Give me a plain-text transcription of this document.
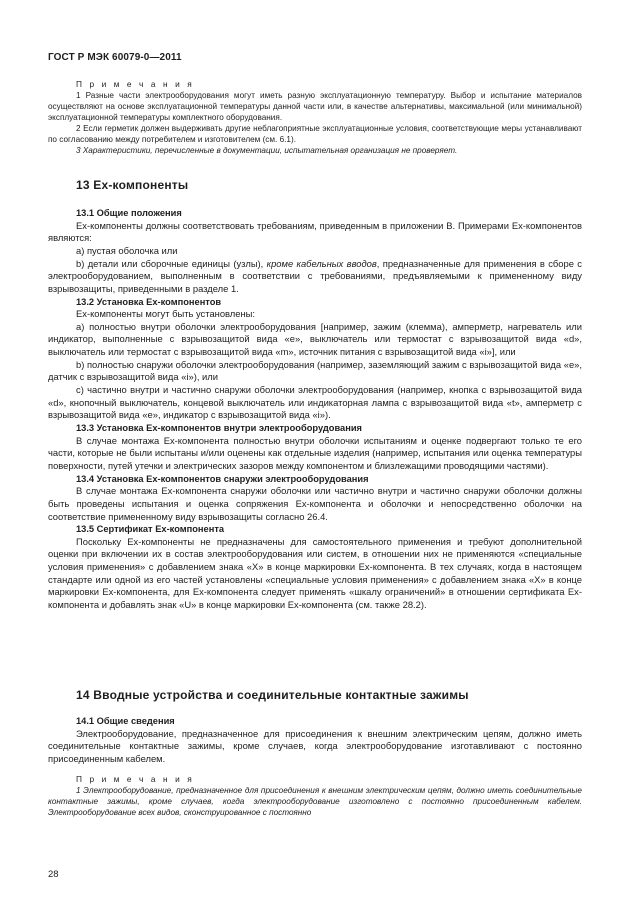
ГОСТ Р МЭК 60079-0—2011
П р и м е ч а н и я
1 Разные части электрооборудования могут иметь разную эксплуатационную температуру. Выбор и испытание материалов осуществляют на основе эксплуатационной температуры данной части или, в качестве альтернативы, максимальной (или минимальной) эксплуатационной температуры комплектного оборудования.
2 Если герметик должен выдерживать другие неблагоприятные эксплуатационные условия, соответствующие меры устанавливают по согласованию между потребителем и изготовителем (см. 6.1).
3 Характеристики, перечисленные в документации, испытательная организация не проверяет.
13 Ex-компоненты
13.1 Общие положения
Ex-компоненты должны соответствовать требованиям, приведенным в приложении В. Примерами Ex-компонентов являются:
а) пустая оболочка или
b) детали или сборочные единицы (узлы), кроме кабельных вводов, предназначенные для применения в сборе с электрооборудованием, выполненным в соответствии с требованиями, предъявляемыми к примененному виду взрывозащиты, приведенными в разделе 1.
13.2 Установка Ex-компонентов
Ex-компоненты могут быть установлены:
а) полностью внутри оболочки электрооборудования [например, зажим (клемма), амперметр, нагреватель или индикатор, выполненные с взрывозащитой вида «е», выключатель или термостат с взрывозащитой вида «d», выключатель или термостат с взрывозащитой вида «m», источник питания с взрывозащитой вида «i»], или
b) полностью снаружи оболочки электрооборудования (например, заземляющий зажим с взрывозащитой вида «е», датчик с взрывозащитой вида «i»), или
с) частично внутри и частично снаружи оболочки электрооборудования (например, кнопка с взрывозащитой вида «d», кнопочный выключатель, концевой выключатель или индикаторная лампа с взрывозащитой вида «t», амперметр с взрывозащитой вида «е», индикатор с взрывозащитой вида «i»).
13.3 Установка Ex-компонентов внутри электрооборудования
В случае монтажа Ex-компонента полностью внутри оболочки испытаниям и оценке подвергают только те его части, которые не были испытаны и/или оценены как отдельные изделия (например, испытания или оценка температуры поверхности, путей утечки и электрических зазоров между компонентом и близлежащими проводящими частями).
13.4 Установка Ex-компонентов снаружи электрооборудования
В случае монтажа Ex-компонента снаружи оболочки или частично внутри и частично снаружи оболочки должны быть проведены испытания и оценка сопряжения Ex-компонента и оболочки и непосредственно оболочки на соответствие примененному виду взрывозащиты согласно 26.4.
13.5 Сертификат Ex-компонента
Поскольку Ex-компоненты не предназначены для самостоятельного применения и требуют дополнительной оценки при включении их в состав электрооборудования или систем, в отношении них не применяются «специальные условия применения» с добавлением знака «X» в конце маркировки Ex-компонента. В тех случаях, когда в настоящем стандарте или одной из его частей установлены «специальные условия применения» с добавлением знака «X» в конце маркировки Ex-компонента, для Ex-компонента следует применять «шкалу ограничений» в отношении сертификата Ex-компонента и добавлять знак «U» в конце маркировки Ex-компонента (см. также 28.2).
14 Вводные устройства и соединительные контактные зажимы
14.1 Общие сведения
Электрооборудование, предназначенное для присоединения к внешним электрическим цепям, должно иметь соединительные контактные зажимы, кроме случаев, когда электрооборудование изготавливают с постоянно присоединенным кабелем.
П р и м е ч а н и я
1 Электрооборудование, предназначенное для присоединения к внешним электрическим цепям, должно иметь соединительные контактные зажимы, кроме случаев, когда электрооборудование изготовлено с постоянно присоединенным кабелем. Электрооборудование всех видов, сконструированное с постоянно
28
